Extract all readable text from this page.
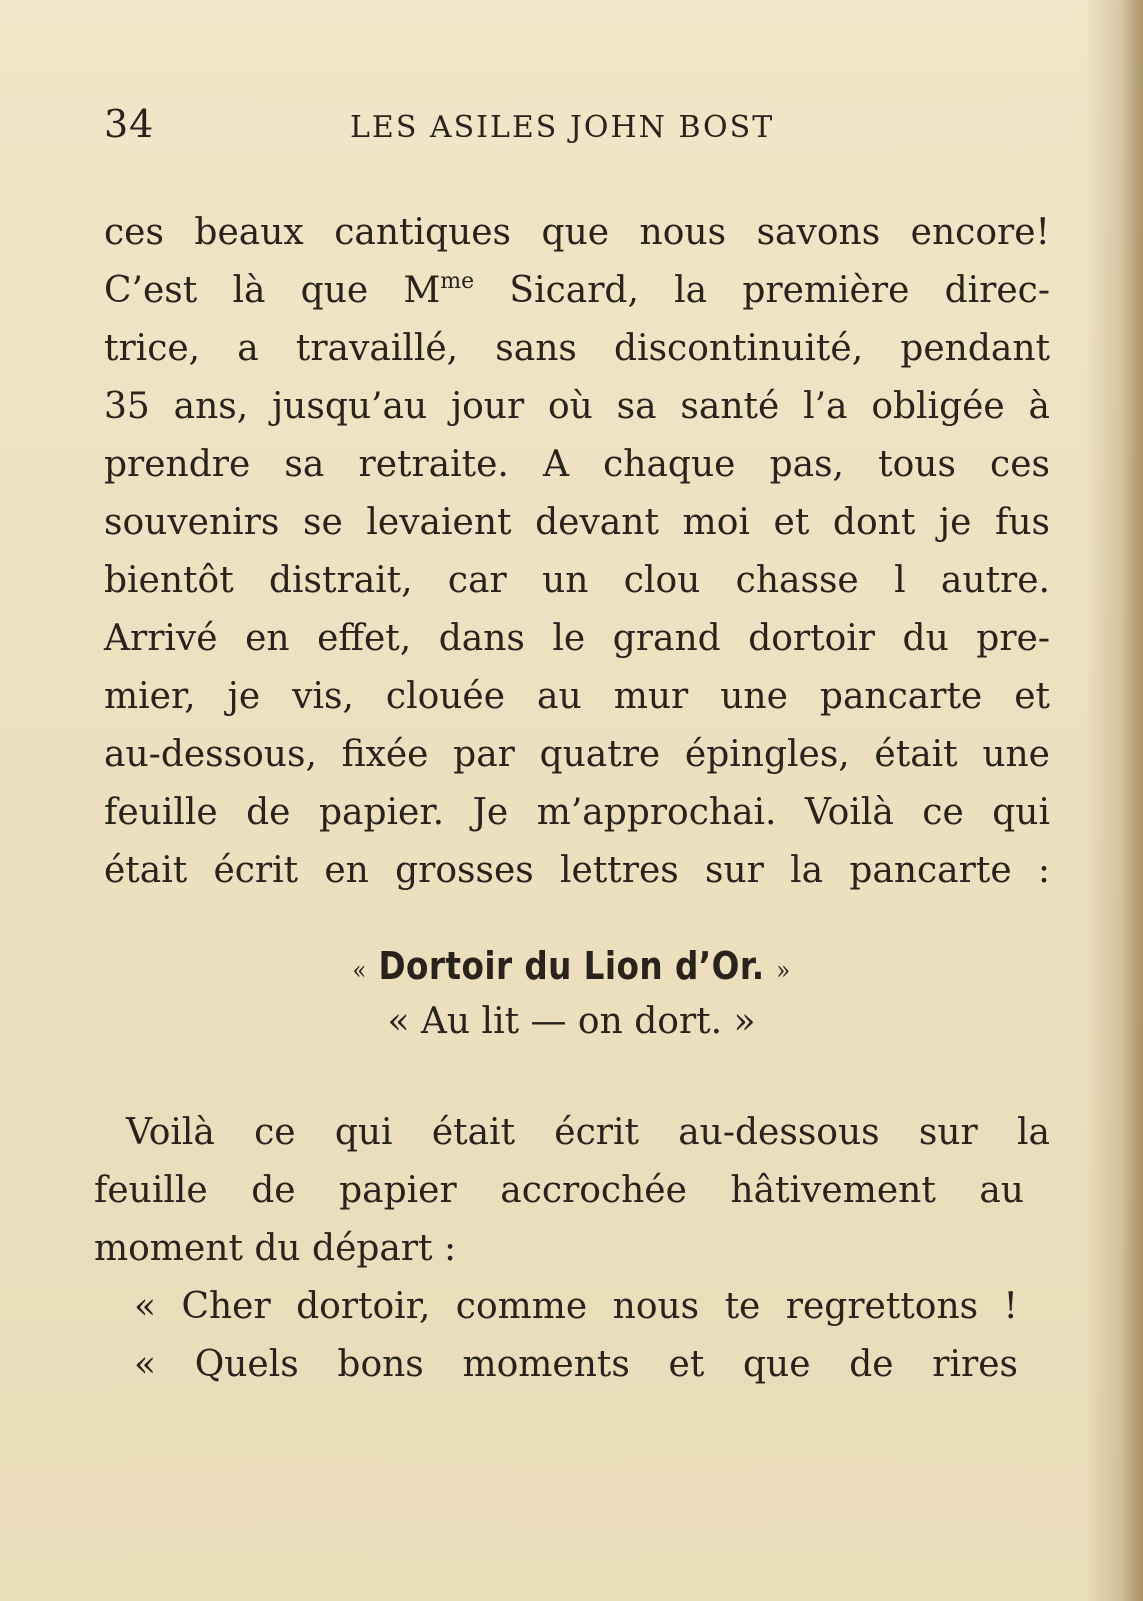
34	LES ASILES JOHN BOST
ces beaux cantiques que nous savons encore!
C’est là que $M^{me}$ Sicard, la première direc-
trice, a travaillé, sans discontinuité, pendant
35 ans, jusqu’au jour où sa santé l’a obligée à
prendre sa retraite. A chaque pas, tous ces
souvenirs se levaient devant moi et dont je fus
bientôt distrait, car un clou chasse l autre.
Arrivé en effet, dans le grand dortoir du pre-
mier, je vis, clouée au mur une pancarte et
au-dessous, fixée par quatre épingles, était une
feuille de papier. Je m’approchai. Voilà ce qui
était écrit en grosses lettres sur la pancarte :
« Dortoir du Lion d’Or. »
« Au lit — on dort. »
Voilà ce qui était écrit au-dessous sur la
feuille de papier accrochée hâtivement au
moment du départ :
« Cher dortoir, comme nous te regrettons !
« Quels bons moments et que de rires
